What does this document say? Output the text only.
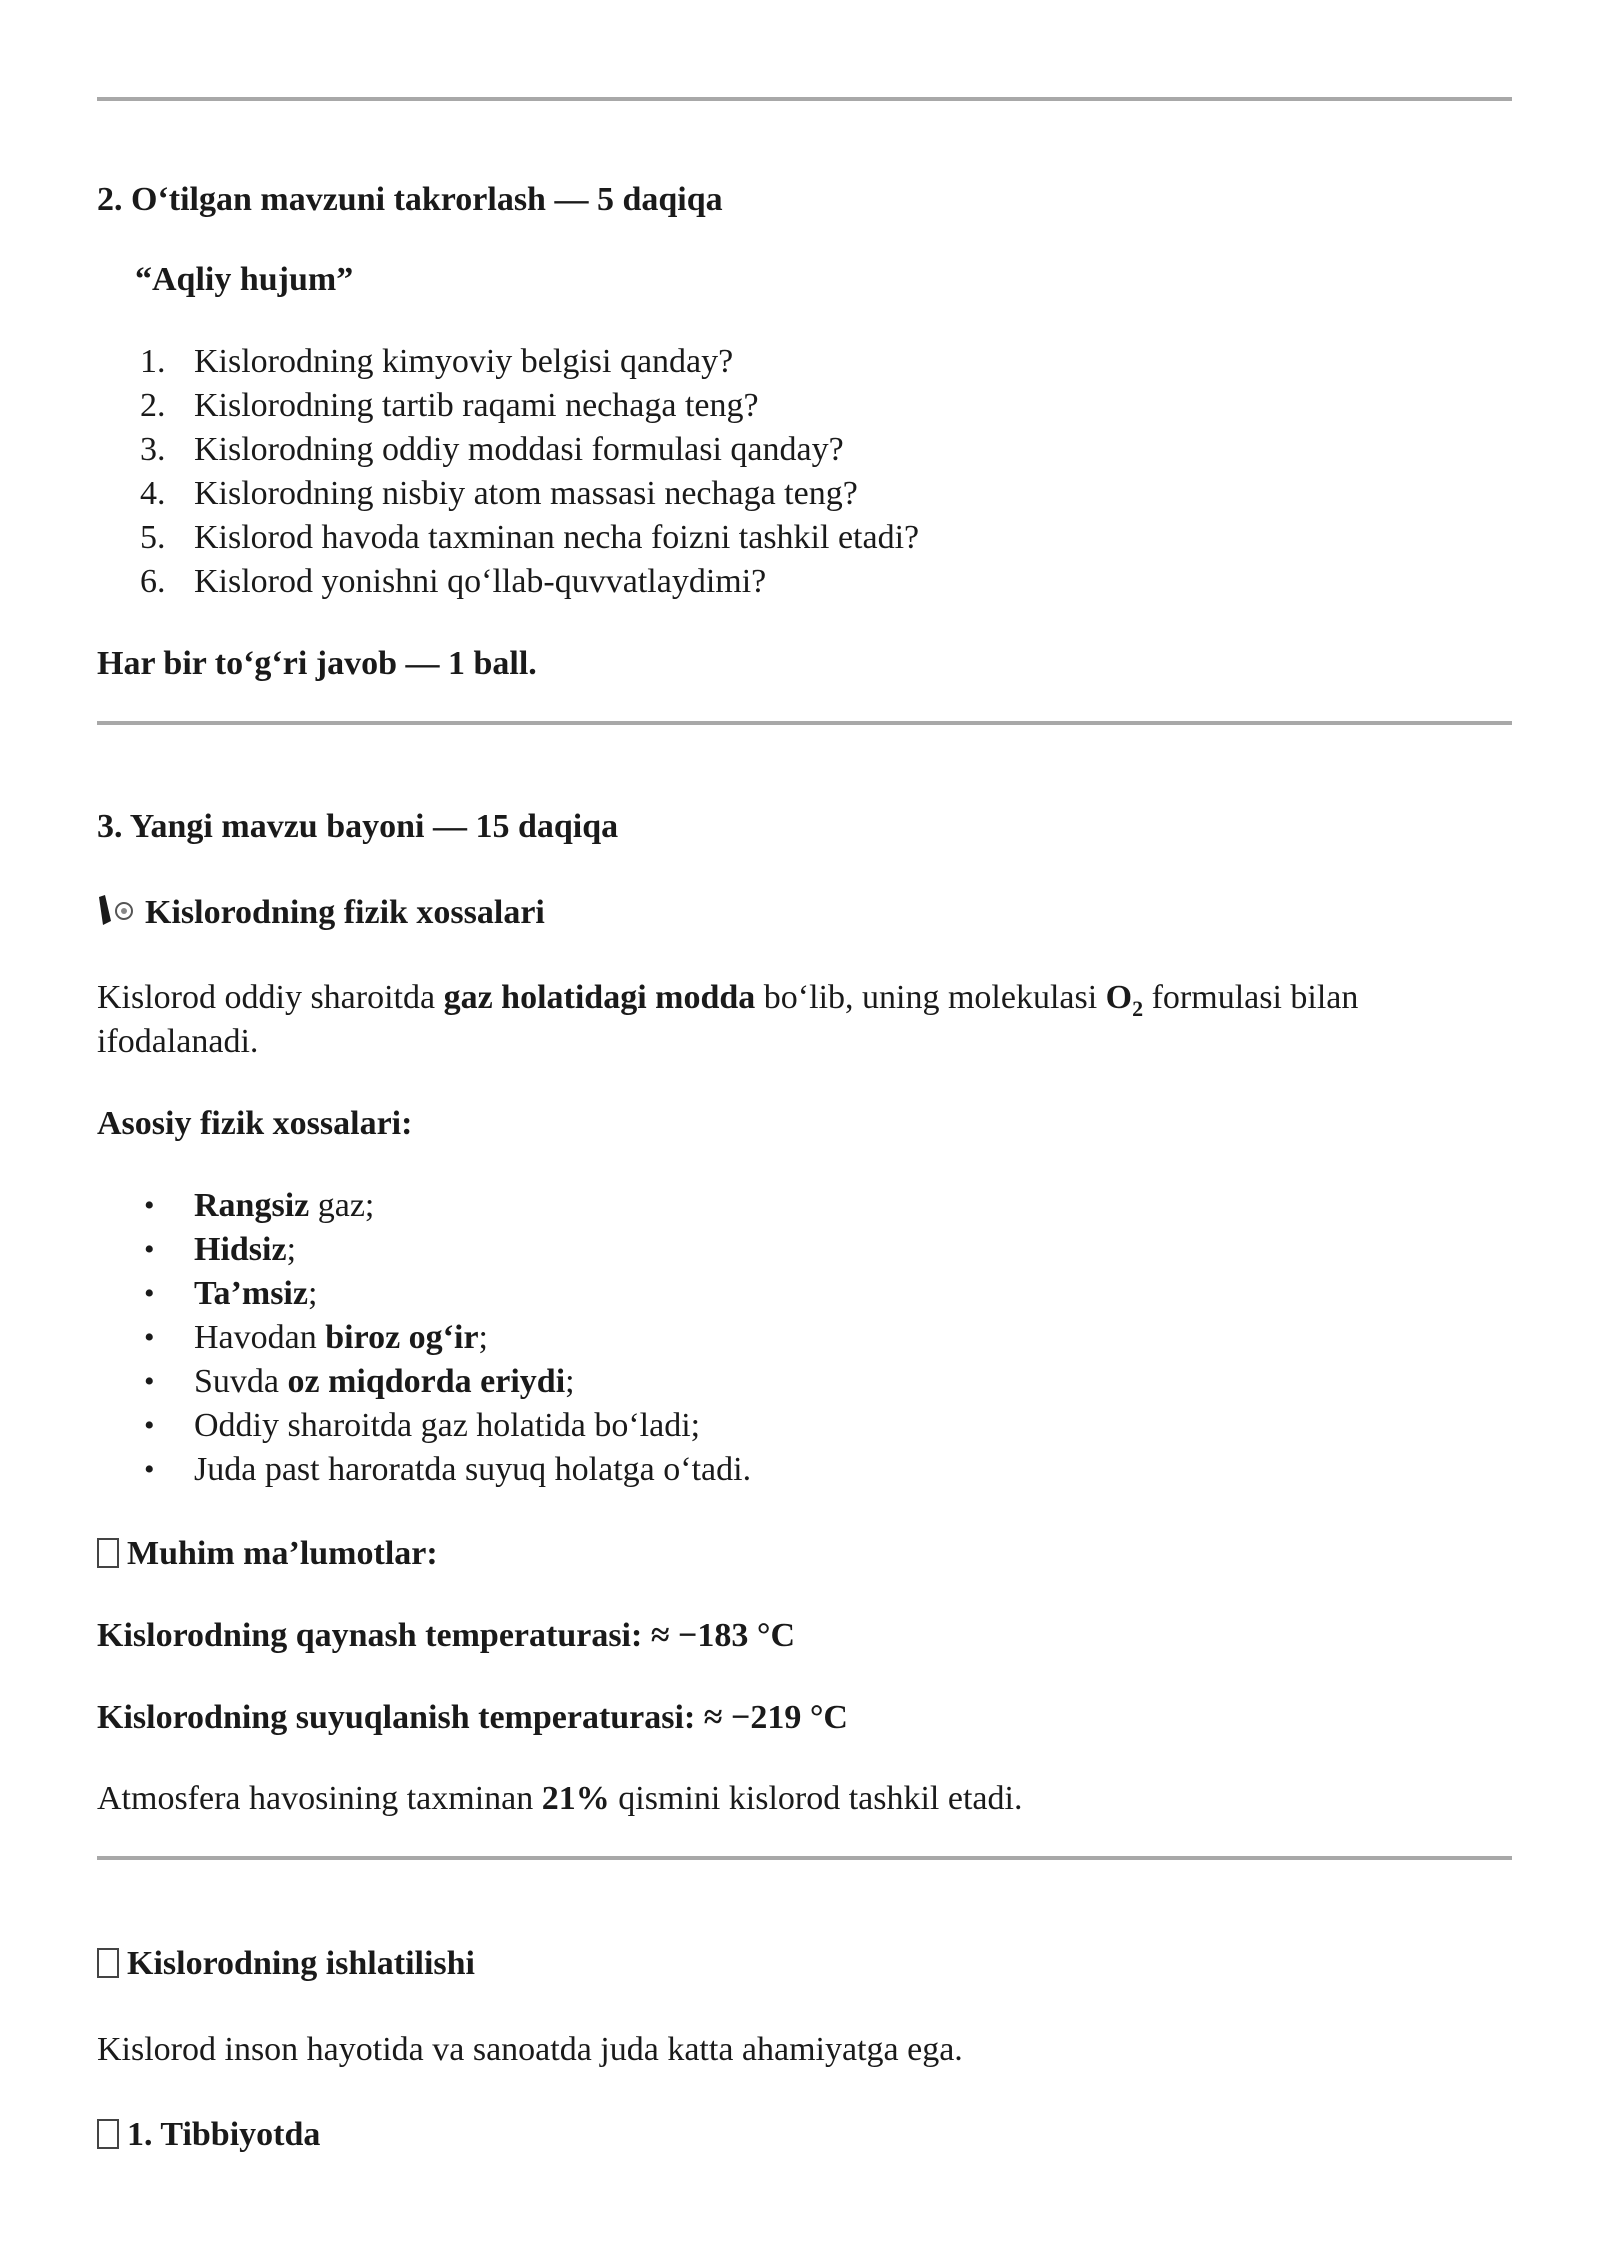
2. O‘tilgan mavzuni takrorlash — 5 daqiqa

“Aqliy hujum”

1. Kislorodning kimyoviy belgisi qanday?
2. Kislorodning tartib raqami nechaga teng?
3. Kislorodning oddiy moddasi formulasi qanday?
4. Kislorodning nisbiy atom massasi nechaga teng?
5. Kislorod havoda taxminan necha foizni tashkil etadi?
6. Kislorod yonishni qo‘llab-quvvatlaydimi?

Har bir to‘g‘ri javob — 1 ball.

3. Yangi mavzu bayoni — 15 daqiqa

Kislorodning fizik xossalari

Kislorod oddiy sharoitda gaz holatidagi modda bo‘lib, uning molekulasi $O_2$ formulasi bilan ifodalanadi.

Asosiy fizik xossalari:

• Rangsiz gaz;
• Hidsiz;
• Ta’msiz;
• Havodan biroz og‘ir;
• Suvda oz miqdorda eriydi;
• Oddiy sharoitda gaz holatida bo‘ladi;
• Juda past haroratda suyuq holatga o‘tadi.

Muhim ma’lumotlar:

Kislorodning qaynash temperaturasi: ≈ −183 °C

Kislorodning suyuqlanish temperaturasi: ≈ −219 °C

Atmosfera havosining taxminan 21% qismini kislorod tashkil etadi.

Kislorodning ishlatilishi

Kislorod inson hayotida va sanoatda juda katta ahamiyatga ega.

1. Tibbiyotda
